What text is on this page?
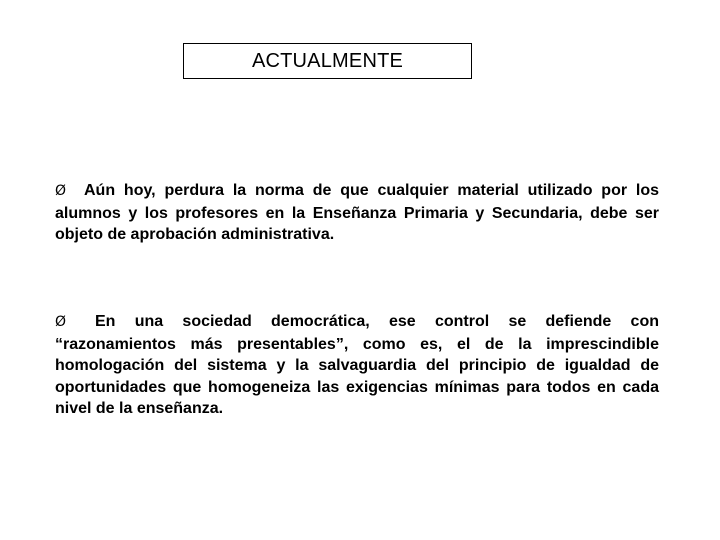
ACTUALMENTE
Ø Aún hoy, perdura la norma de que cualquier material utilizado por los alumnos y los profesores en la Enseñanza Primaria y Secundaria, debe ser objeto de aprobación administrativa.
Ø En una sociedad democrática, ese control se defiende con “razonamientos más presentables”, como es, el de la imprescindible homologación del sistema y la salvaguardia del principio de igualdad de oportunidades que homogeneiza las exigencias mínimas para todos en cada nivel de la enseñanza.
